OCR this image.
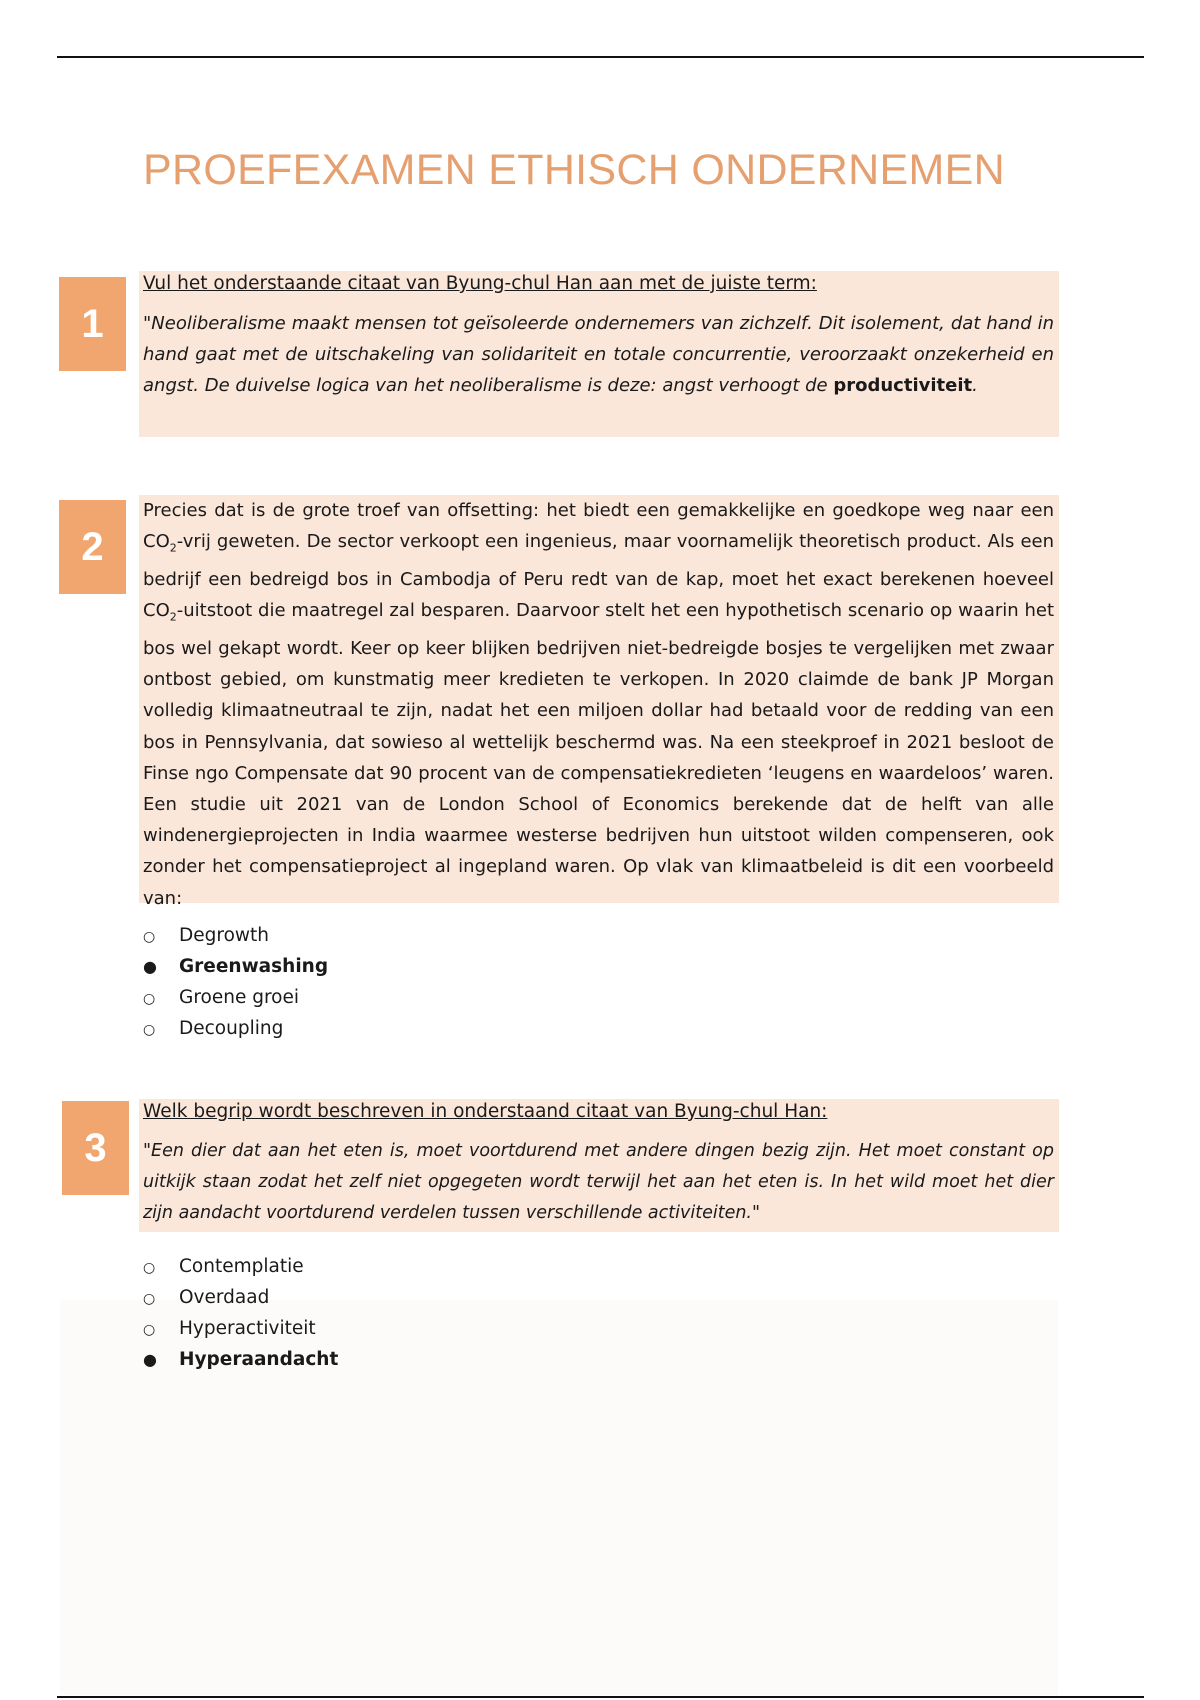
PROEFEXAMEN ETHISCH ONDERNEMEN
1

Vul het onderstaande citaat van Byung-chul Han aan met de juiste term:

"Neoliberalisme maakt mensen tot geïsoleerde ondernemers van zichzelf. Dit isolement, dat hand in hand gaat met de uitschakeling van solidariteit en totale concurrentie, veroorzaakt onzekerheid en angst. De duivelse logica van het neoliberalisme is deze: angst verhoogt de productiviteit.

2

Precies dat is de grote troef van offsetting: het biedt een gemakkelijke en goedkope weg naar een $CO_2$-vrij geweten. De sector verkoopt een ingenieus, maar voornamelijk theoretisch product. Als een bedrijf een bedreigd bos in Cambodja of Peru redt van de kap, moet het exact berekenen hoeveel $CO_2$-uitstoot die maatregel zal besparen. Daarvoor stelt het een hypothetisch scenario op waarin het bos wel gekapt wordt. Keer op keer blijken bedrijven niet-bedreigde bosjes te vergelijken met zwaar ontbost gebied, om kunstmatig meer kredieten te verkopen. In 2020 claimde de bank JP Morgan volledig klimaatneutraal te zijn, nadat het een miljoen dollar had betaald voor de redding van een bos in Pennsylvania, dat sowieso al wettelijk beschermd was. Na een steekproef in 2021 besloot de Finse ngo Compensate dat 90 procent van de compensatiekredieten ‘leugens en waardeloos’ waren. Een studie uit 2021 van de London School of Economics berekende dat de helft van alle windenergieprojecten in India waarmee westerse bedrijven hun uitstoot wilden compenseren, ook zonder het compensatieproject al ingepland waren. Op vlak van klimaatbeleid is dit een voorbeeld van:

○ Degrowth
● Greenwashing
○ Groene groei
○ Decoupling
3

Welk begrip wordt beschreven in onderstaand citaat van Byung-chul Han:

"Een dier dat aan het eten is, moet voortdurend met andere dingen bezig zijn. Het moet constant op uitkijk staan zodat het zelf niet opgegeten wordt terwijl het aan het eten is. In het wild moet het dier zijn aandacht voortdurend verdelen tussen verschillende activiteiten."

○ Contemplatie
○ Overdaad
○ Hyperactiviteit
● Hyperaandacht
